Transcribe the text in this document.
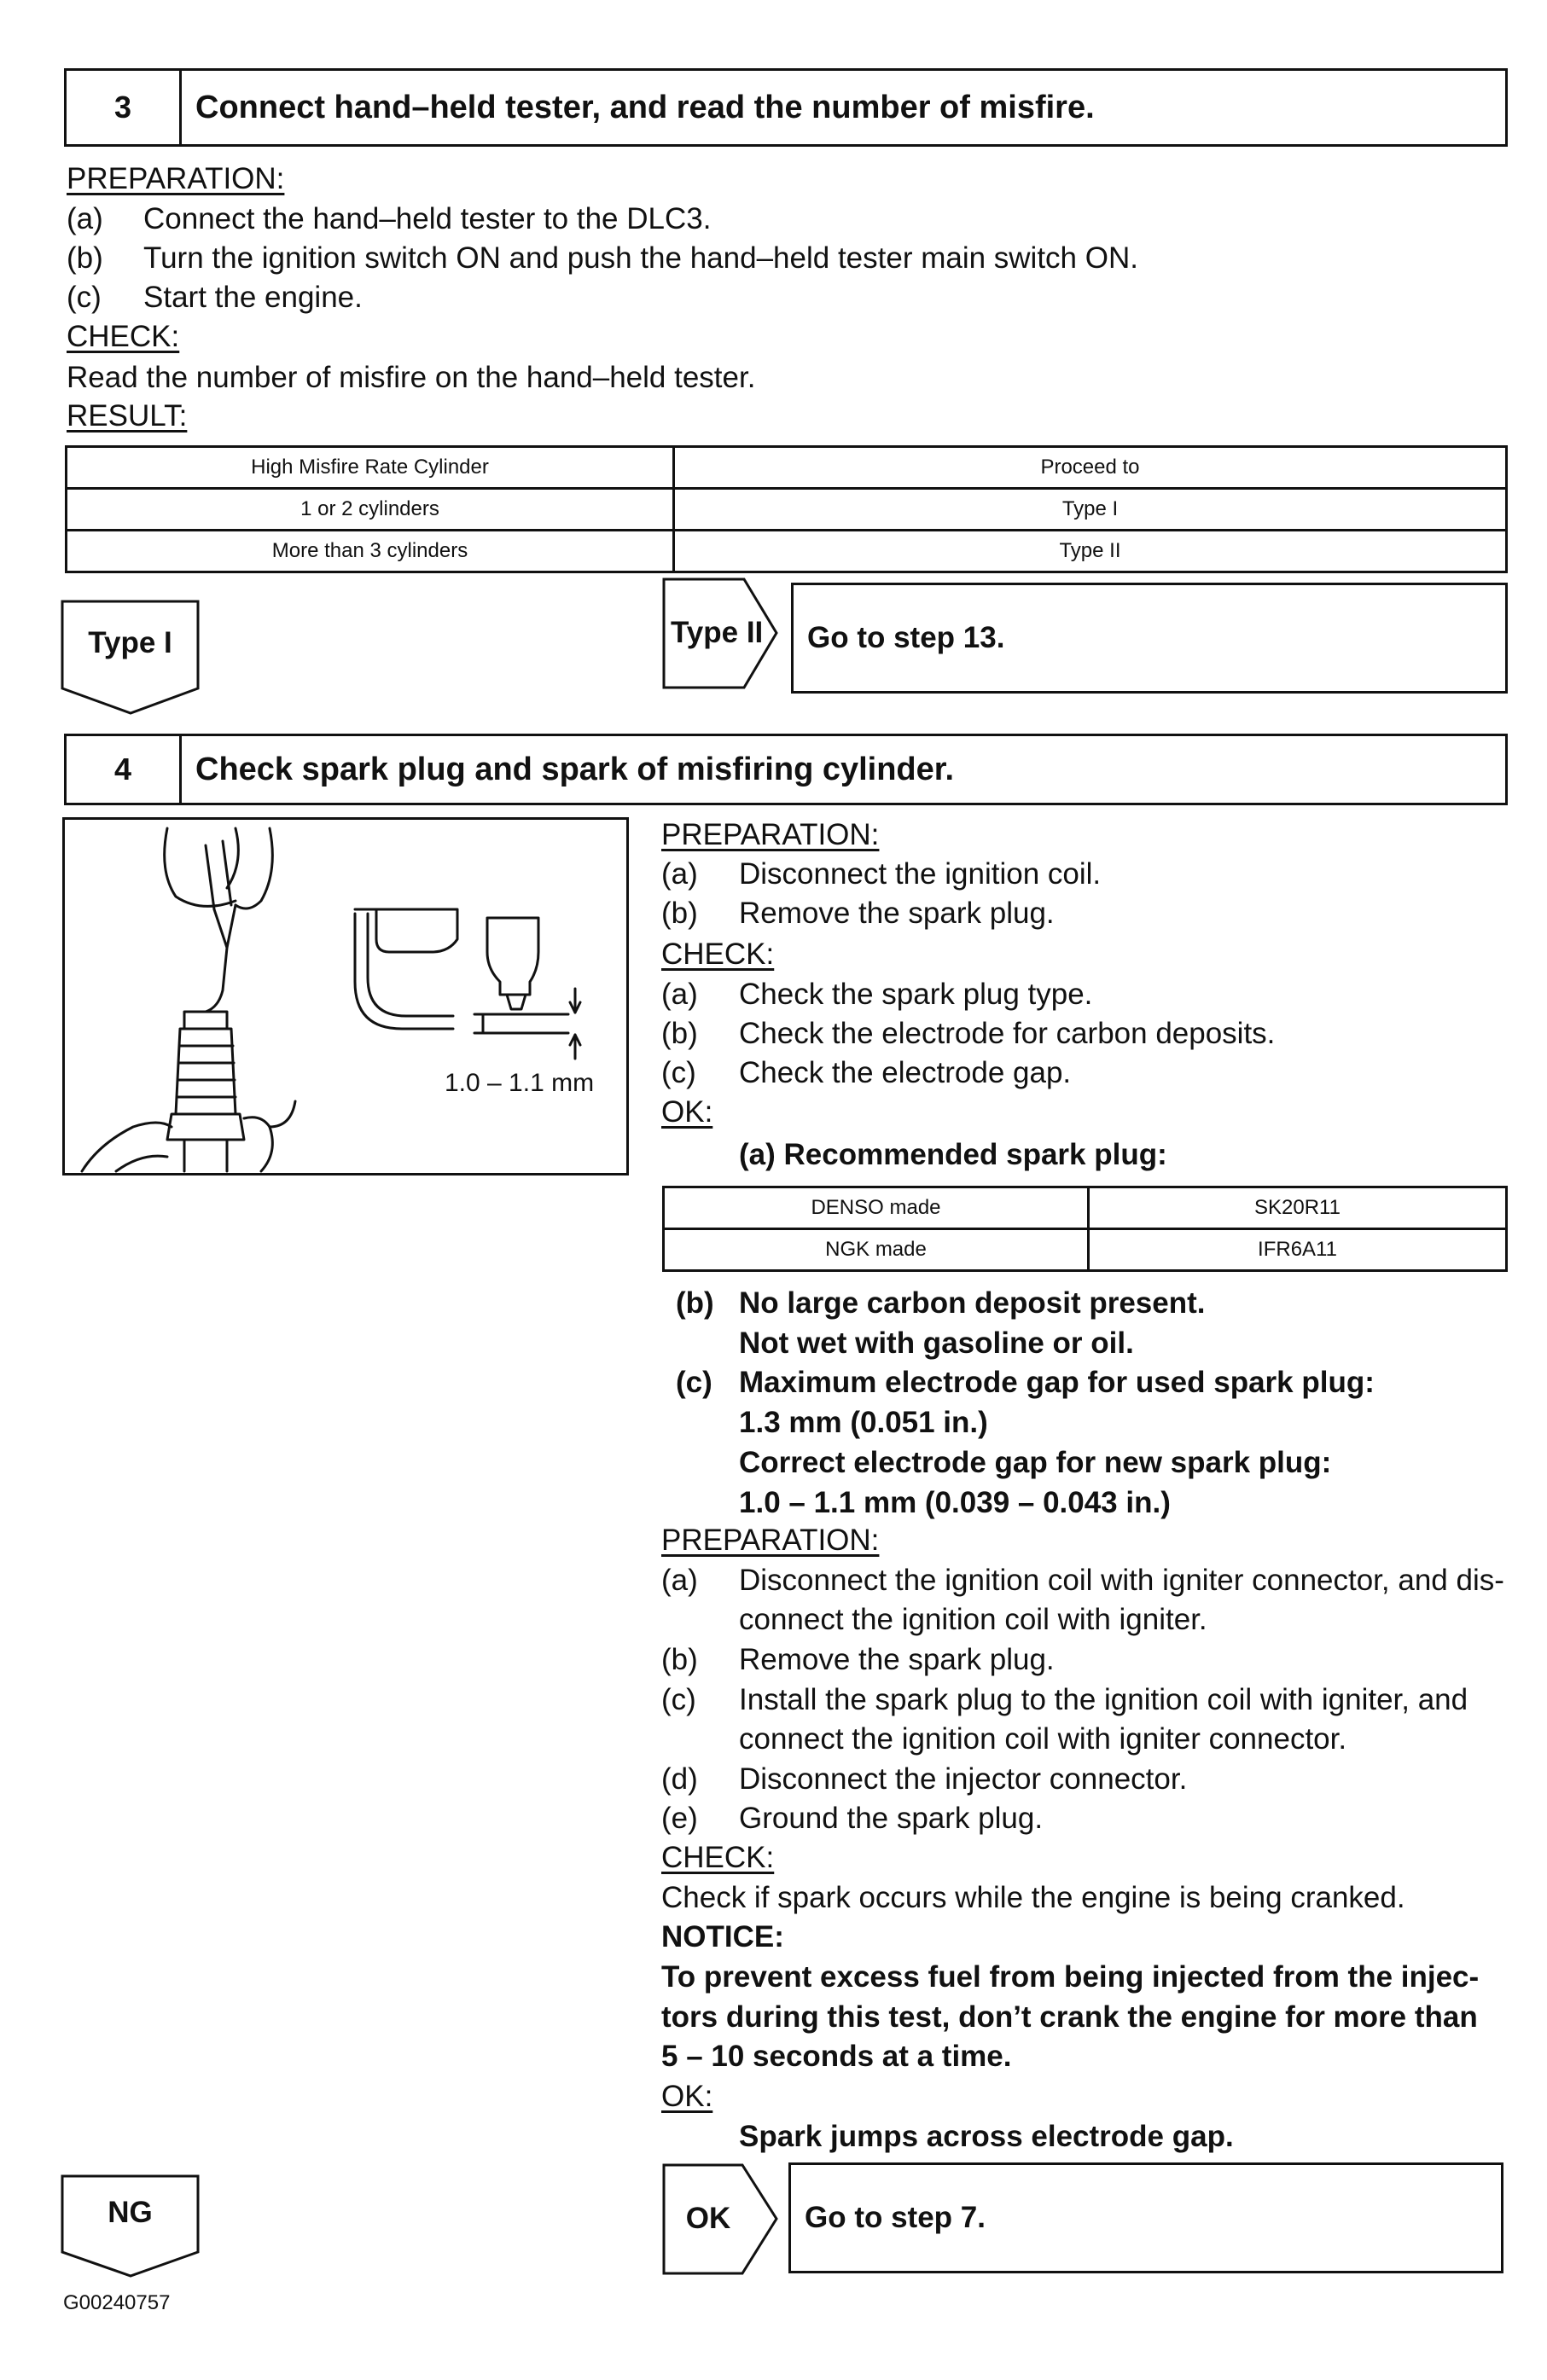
3	Connect hand–held tester, and read the number of misfire.
PREPARATION:
(a) Connect the hand–held tester to the DLC3.
(b) Turn the ignition switch ON and push the hand–held tester main switch ON.
(c) Start the engine.
CHECK:
Read the number of misfire on the hand–held tester.
RESULT:
High Misfire Rate Cylinder	Proceed to
1 or 2 cylinders	Type I
More than 3 cylinders	Type II
Type I	Type II	Go to step 13.
4	Check spark plug and spark of misfiring cylinder.
1.0 – 1.1 mm
PREPARATION:
(a) Disconnect the ignition coil.
(b) Remove the spark plug.
CHECK:
(a) Check the spark plug type.
(b) Check the electrode for carbon deposits.
(c) Check the electrode gap.
OK:
(a) Recommended spark plug:
DENSO made	SK20R11
NGK made	IFR6A11
(b) No large carbon deposit present.
Not wet with gasoline or oil.
(c) Maximum electrode gap for used spark plug:
1.3 mm (0.051 in.)
Correct electrode gap for new spark plug:
1.0 – 1.1 mm (0.039 – 0.043 in.)
PREPARATION:
(a) Disconnect the ignition coil with igniter connector, and dis-
connect the ignition coil with igniter.
(b) Remove the spark plug.
(c) Install the spark plug to the ignition coil with igniter, and
connect the ignition coil with igniter connector.
(d) Disconnect the injector connector.
(e) Ground the spark plug.
CHECK:
Check if spark occurs while the engine is being cranked.
NOTICE:
To prevent excess fuel from being injected from the injec-
tors during this test, don’t crank the engine for more than
5 – 10 seconds at a time.
OK:
Spark jumps across electrode gap.
NG	OK	Go to step 7.
G00240757
